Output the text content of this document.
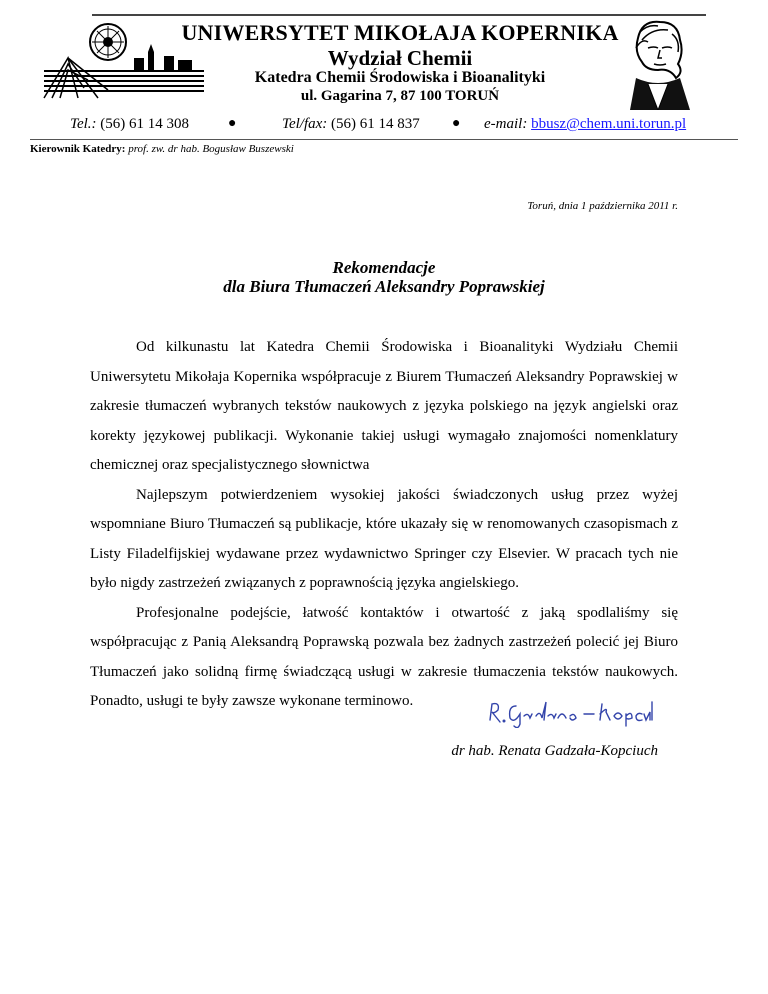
UNIWERSYTET MIKOŁAJA KOPERNIKA
Wydział Chemii
Katedra Chemii Środowiska i Bioanalityki
ul. Gagarina 7, 87 100 TORUŃ
Tel.: (56) 61 14 308	●	Tel/fax: (56) 61 14 837 ● e-mail: bbusz@chem.uni.torun.pl
Kierownik Katedry: prof. zw. dr hab. Bogusław Buszewski
Toruń, dnia 1 października 2011 r.
Rekomendacje
dla Biura Tłumaczeń Aleksandry Poprawskiej

Od kilkunastu lat Katedra Chemii Środowiska i Bioanalityki Wydziału Chemii Uniwersytetu Mikołaja Kopernika współpracuje z Biurem Tłumaczeń Aleksandry Poprawskiej w zakresie tłumaczeń wybranych tekstów naukowych z języka polskiego na język angielski oraz korekty językowej publikacji. Wykonanie takiej usługi wymagało znajomości nomenklatury chemicznej oraz specjalistycznego słownictwa

Najlepszym potwierdzeniem wysokiej jakości świadczonych usług przez wyżej wspomniane Biuro Tłumaczeń są publikacje, które ukazały się w renomowanych czasopismach z Listy Filadelfijskiej wydawane przez wydawnictwo Springer czy Elsevier. W pracach tych nie było nigdy zastrzeżeń związanych z poprawnością języka angielskiego.

Profesjonalne podejście, łatwość kontaktów i otwartość z jaką spodlaliśmy się współpracując z Panią Aleksandrą Poprawską pozwala bez żadnych zastrzeżeń polecić jej Biuro Tłumaczeń jako solidną firmę świadczącą usługi w zakresie tłumaczenia tekstów naukowych. Ponadto, usługi te były zawsze wykonane terminowo.

dr hab. Renata Gadzała-Kopciuch
